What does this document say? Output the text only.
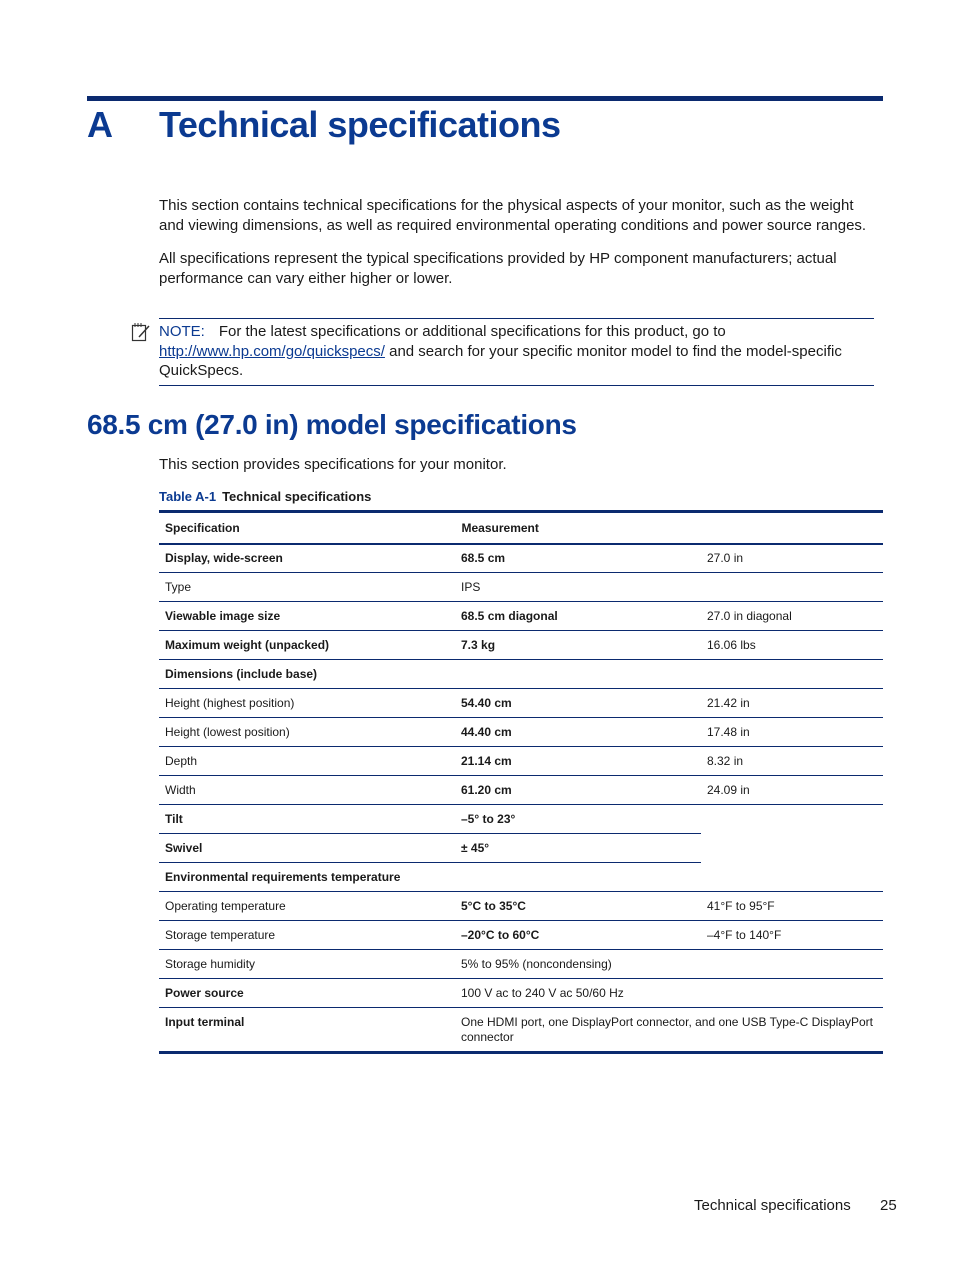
A Technical specifications

This section contains technical specifications for the physical aspects of your monitor, such as the weight and viewing dimensions, as well as required environmental operating conditions and power source ranges.

All specifications represent the typical specifications provided by HP component manufacturers; actual performance can vary either higher or lower.

NOTE: For the latest specifications or additional specifications for this product, go to
http://www.hp.com/go/quickspecs/ and search for your specific monitor model to find the model-specific QuickSpecs.
68.5 cm (27.0 in) model specifications

This section provides specifications for your monitor.

Table A-1 Technical specifications
Specification	Measurement	
Display, wide-screen	68.5 cm	27.0 in
Type	IPS	
Viewable image size	68.5 cm diagonal	27.0 in diagonal
Maximum weight (unpacked)	7.3 kg	16.06 lbs
Dimensions (include base)		
Height (highest position)	54.40 cm	21.42 in
Height (lowest position)	44.40 cm	17.48 in
Depth	21.14 cm	8.32 in
Width	61.20 cm	24.09 in
Tilt	–5° to 23°	
Swivel	± 45°	
Environmental requirements temperature		
Operating temperature	5°C to 35°C	41°F to 95°F
Storage temperature	–20°C to 60°C	–4°F to 140°F
Storage humidity	5% to 95% (noncondensing)	
Power source	100 V ac to 240 V ac 50/60 Hz	
Input terminal	One HDMI port, one DisplayPort connector, and one USB Type-C DisplayPort connector	
Technical specifications 25
